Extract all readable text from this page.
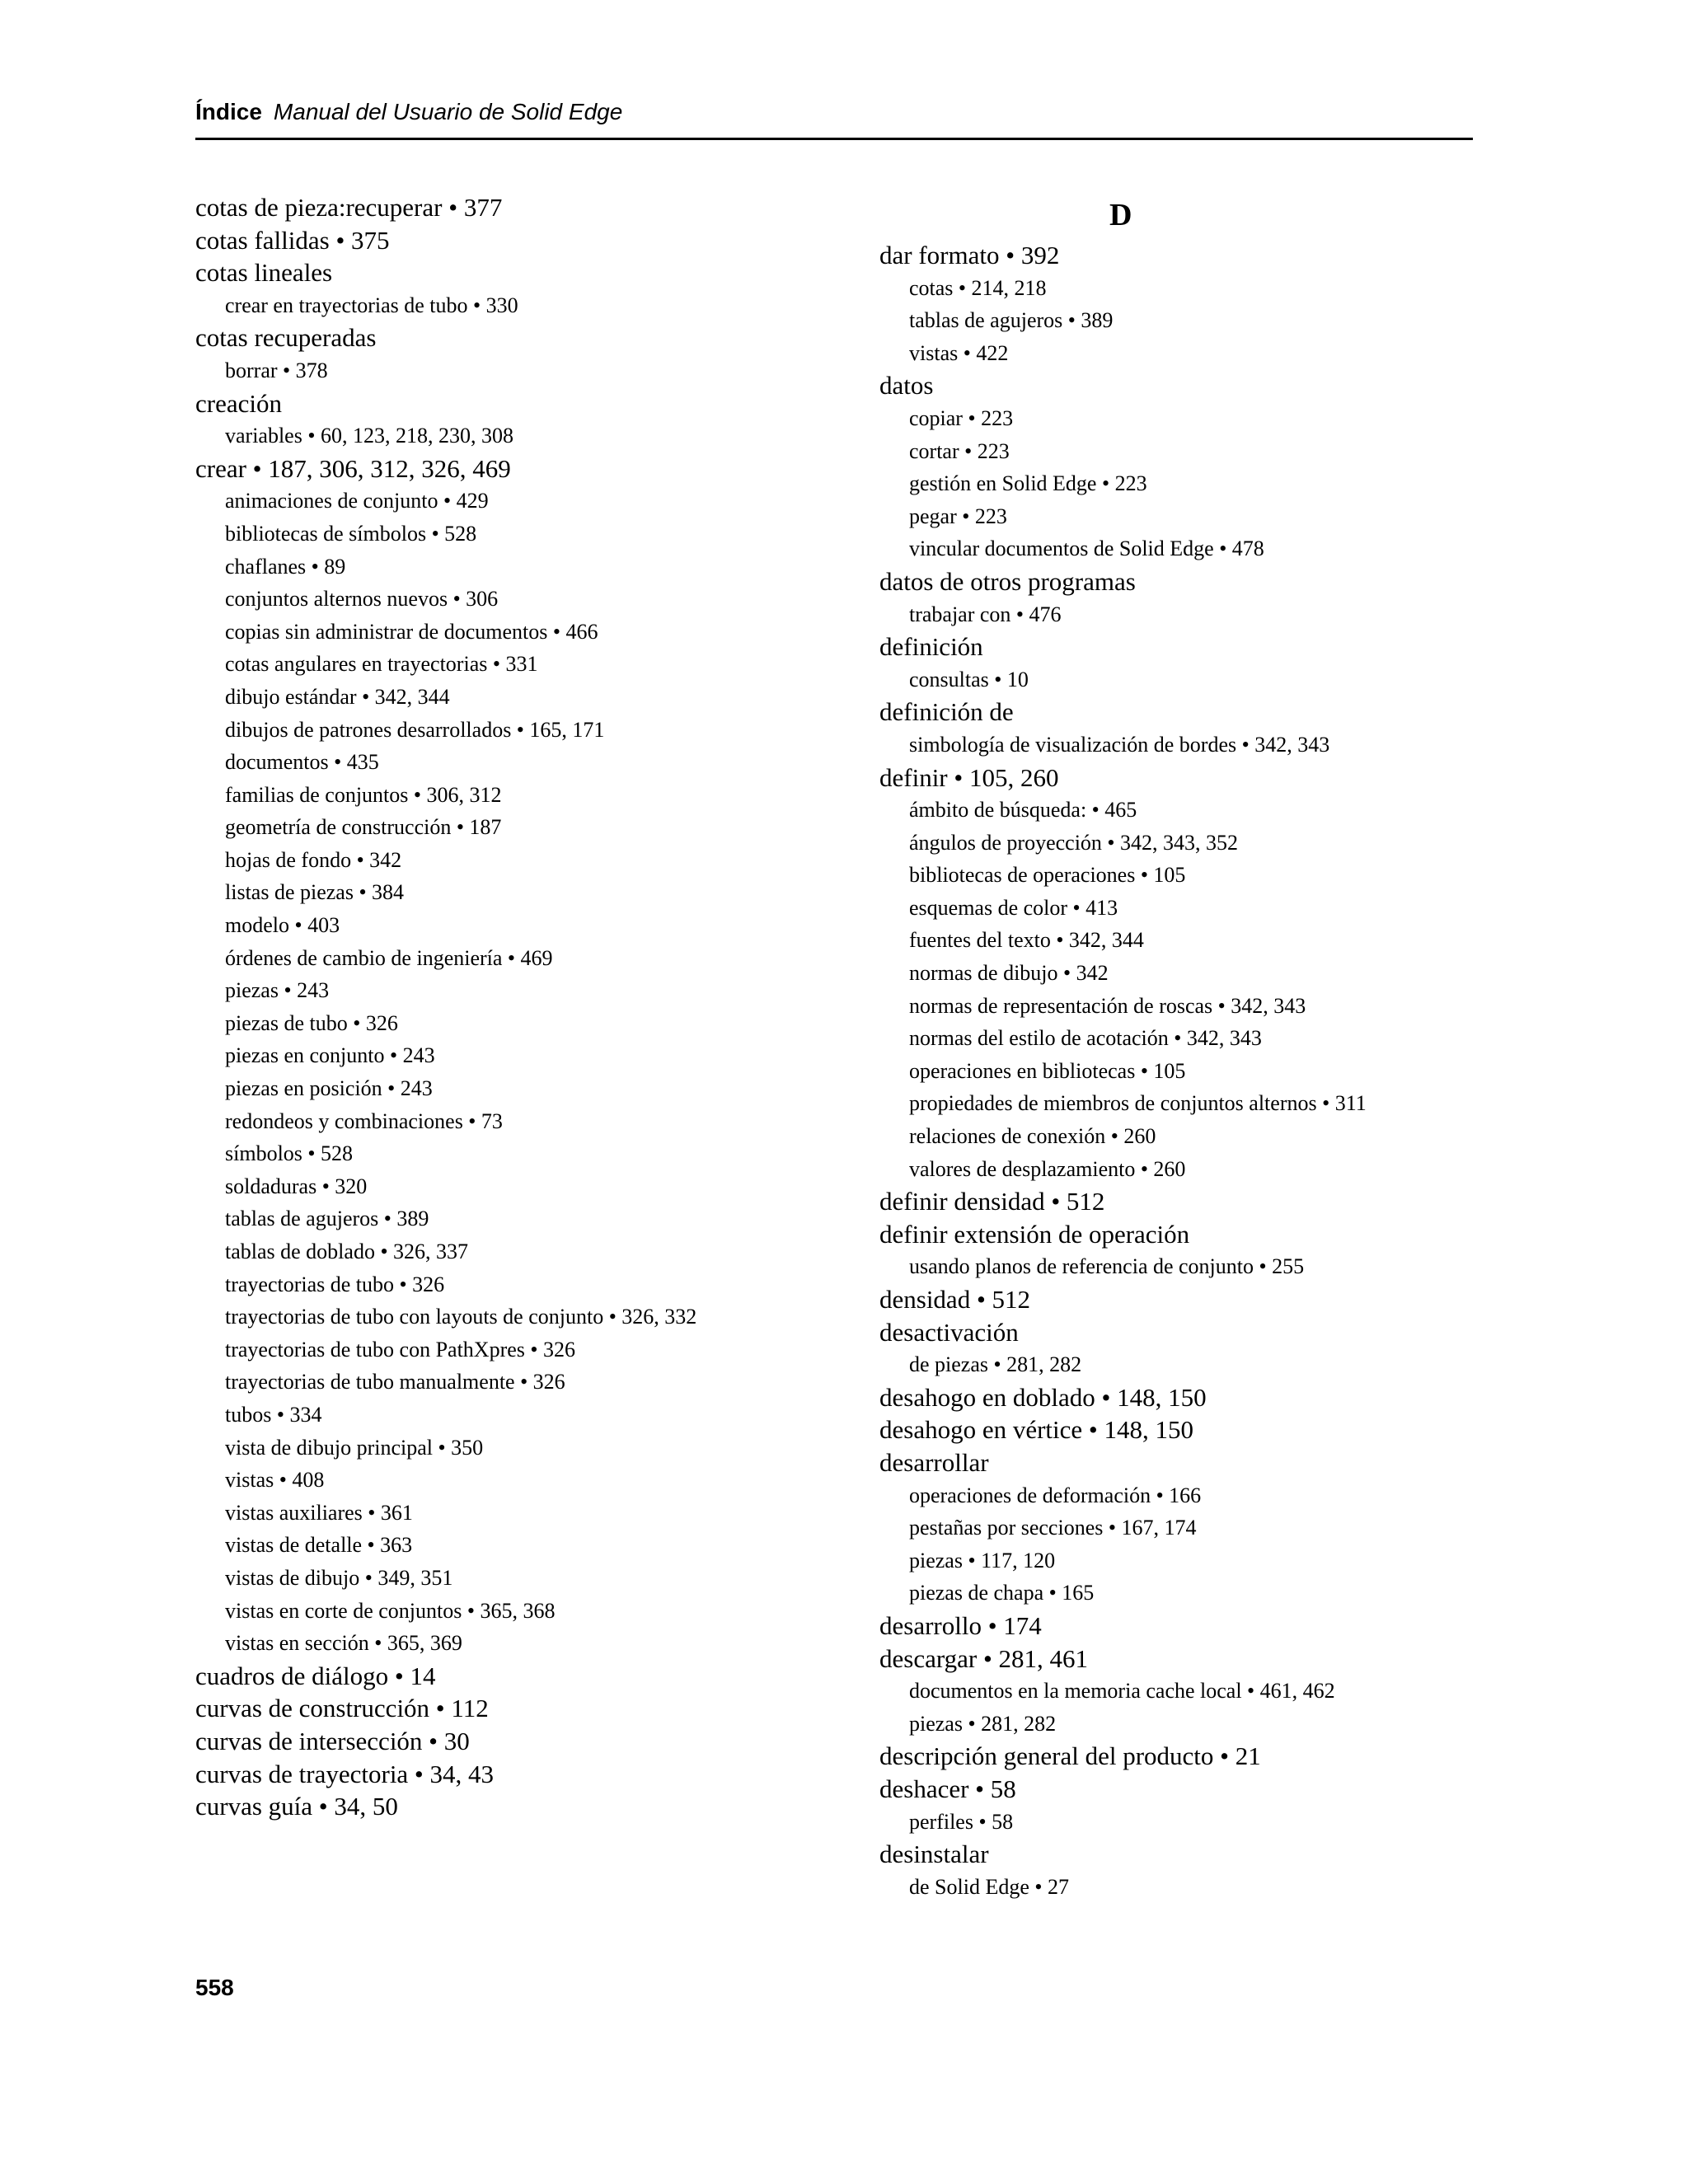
Índice Manual del Usuario de Solid Edge
cotas de pieza:recuperar • 377
cotas fallidas • 375
cotas lineales
crear en trayectorias de tubo • 330
cotas recuperadas
borrar • 378
creación
variables • 60, 123, 218, 230, 308
crear • 187, 306, 312, 326, 469
animaciones de conjunto • 429
bibliotecas de símbolos • 528
chaflanes • 89
conjuntos alternos nuevos • 306
copias sin administrar de documentos • 466
cotas angulares en trayectorias • 331
dibujo estándar • 342, 344
dibujos de patrones desarrollados • 165, 171
documentos • 435
familias de conjuntos • 306, 312
geometría de construcción • 187
hojas de fondo • 342
listas de piezas • 384
modelo • 403
órdenes de cambio de ingeniería • 469
piezas • 243
piezas de tubo • 326
piezas en conjunto • 243
piezas en posición • 243
redondeos y combinaciones • 73
símbolos • 528
soldaduras • 320
tablas de agujeros • 389
tablas de doblado • 326, 337
trayectorias de tubo • 326
trayectorias de tubo con layouts de conjunto • 326, 332
trayectorias de tubo con PathXpres • 326
trayectorias de tubo manualmente • 326
tubos • 334
vista de dibujo principal • 350
vistas • 408
vistas auxiliares • 361
vistas de detalle • 363
vistas de dibujo • 349, 351
vistas en corte de conjuntos • 365, 368
vistas en sección • 365, 369
cuadros de diálogo • 14
curvas de construcción • 112
curvas de intersección • 30
curvas de trayectoria • 34, 43
curvas guía • 34, 50
D
dar formato • 392
cotas • 214, 218
tablas de agujeros • 389
vistas • 422
datos
copiar • 223
cortar • 223
gestión en Solid Edge • 223
pegar • 223
vincular documentos de Solid Edge • 478
datos de otros programas
trabajar con • 476
definición
consultas • 10
definición de
simbología de visualización de bordes • 342, 343
definir • 105, 260
ámbito de búsqueda: • 465
ángulos de proyección • 342, 343, 352
bibliotecas de operaciones • 105
esquemas de color • 413
fuentes del texto • 342, 344
normas de dibujo • 342
normas de representación de roscas • 342, 343
normas del estilo de acotación • 342, 343
operaciones en bibliotecas • 105
propiedades de miembros de conjuntos alternos • 311
relaciones de conexión • 260
valores de desplazamiento • 260
definir densidad • 512
definir extensión de operación
usando planos de referencia de conjunto • 255
densidad • 512
desactivación
de piezas • 281, 282
desahogo en doblado • 148, 150
desahogo en vértice • 148, 150
desarrollar
operaciones de deformación • 166
pestañas por secciones • 167, 174
piezas • 117, 120
piezas de chapa • 165
desarrollo • 174
descargar • 281, 461
documentos en la memoria cache local • 461, 462
piezas • 281, 282
descripción general del producto • 21
deshacer • 58
perfiles • 58
desinstalar
de Solid Edge • 27
558
